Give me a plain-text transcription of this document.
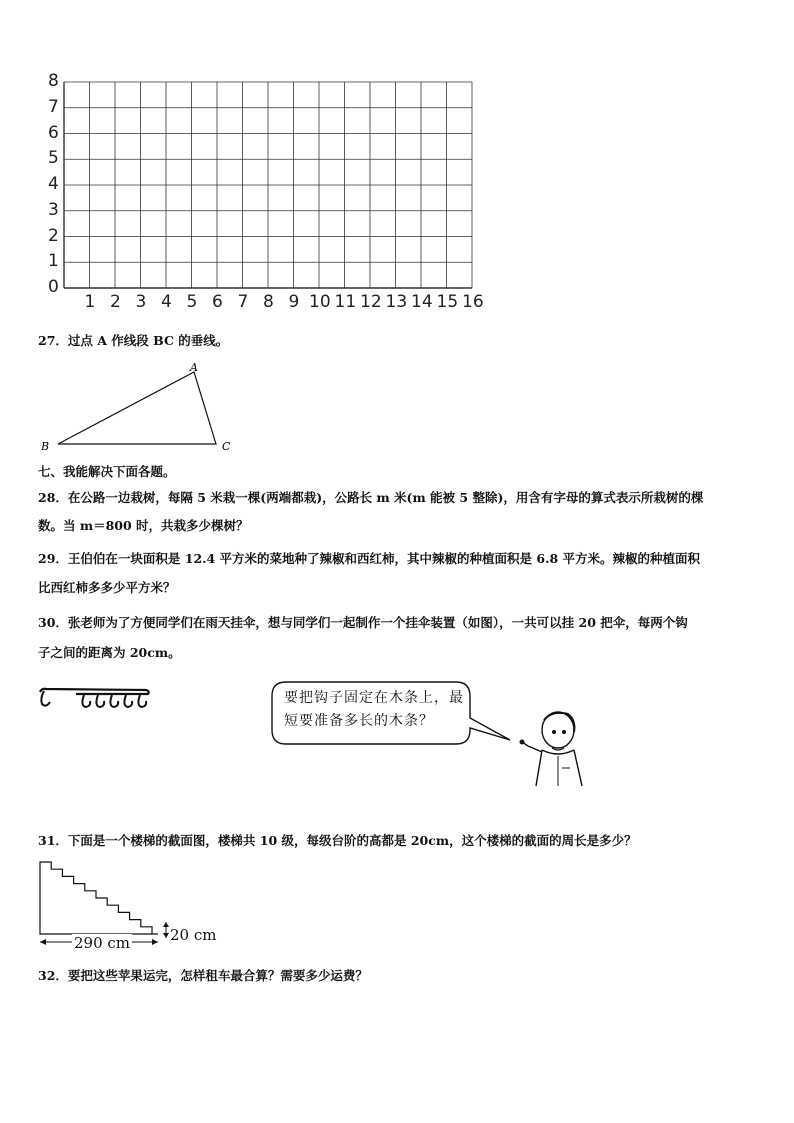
0
1
2
3
4
5
6
7
8
1 2 3 4 5 6 7 8 9 10 11 12 13 14 15 16
27．过点 A 作线段 BC 的垂线。
A
B	C
七、我能解决下面各题。
28．在公路一边栽树，每隔 5 米栽一棵(两端都栽)，公路长 m 米(m 能被 5 整除)，用含有字母的算式表示所栽树的棵
数。当 m＝800 时，共栽多少棵树？
29．王伯伯在一块面积是 12.4 平方米的菜地种了辣椒和西红柿，其中辣椒的种植面积是 6.8 平方米。辣椒的种植面积
比西红柿多多少平方米？
30．张老师为了方便同学们在雨天挂伞，想与同学们一起制作一个挂伞装置（如图），一共可以挂 20 把伞，每两个钩
子之间的距离为 20cm。
要把钩子固定在木条上，最
短要准备多长的木条？
31．下面是一个楼梯的截面图，楼梯共 10 级，每级台阶的高都是 20cm，这个楼梯的截面的周长是多少？
290 cm	20 cm
32．要把这些苹果运完，怎样租车最合算？需要多少运费？
